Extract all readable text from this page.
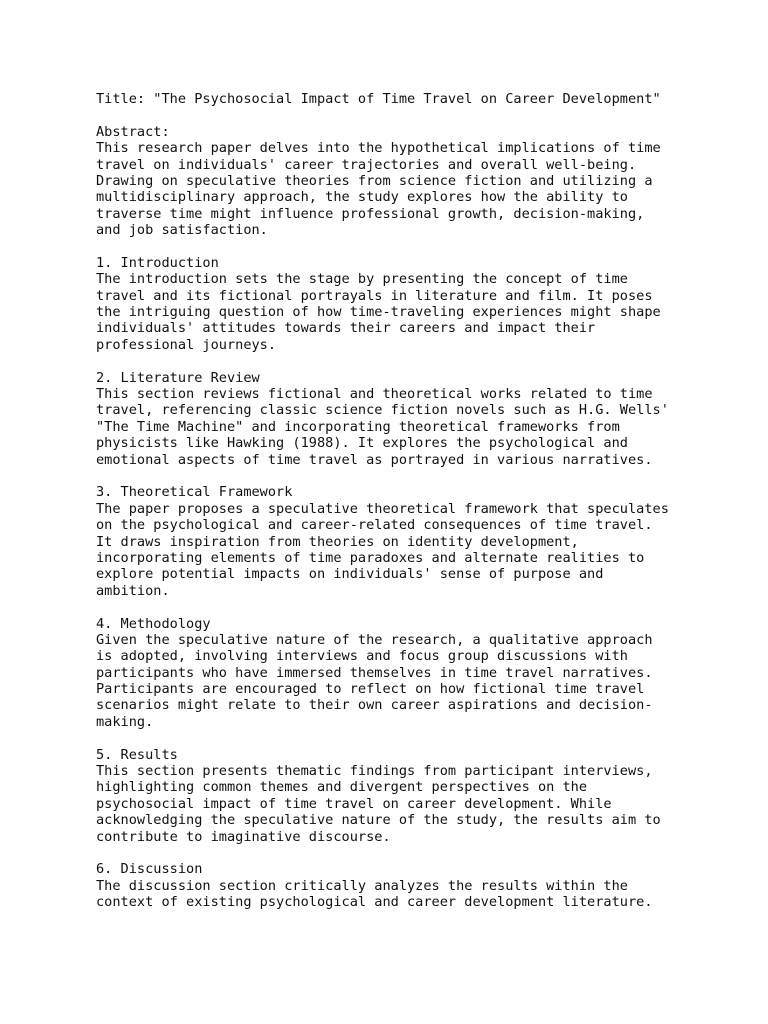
Title: "The Psychosocial Impact of Time Travel on Career Development"
Abstract:
This research paper delves into the hypothetical implications of time
travel on individuals' career trajectories and overall well-being.
Drawing on speculative theories from science fiction and utilizing a
multidisciplinary approach, the study explores how the ability to
traverse time might influence professional growth, decision-making,
and job satisfaction.
1. Introduction
The introduction sets the stage by presenting the concept of time
travel and its fictional portrayals in literature and film. It poses
the intriguing question of how time-traveling experiences might shape
individuals' attitudes towards their careers and impact their
professional journeys.
2. Literature Review
This section reviews fictional and theoretical works related to time
travel, referencing classic science fiction novels such as H.G. Wells'
"The Time Machine" and incorporating theoretical frameworks from
physicists like Hawking (1988). It explores the psychological and
emotional aspects of time travel as portrayed in various narratives.
3. Theoretical Framework
The paper proposes a speculative theoretical framework that speculates
on the psychological and career-related consequences of time travel.
It draws inspiration from theories on identity development,
incorporating elements of time paradoxes and alternate realities to
explore potential impacts on individuals' sense of purpose and
ambition.
4. Methodology
Given the speculative nature of the research, a qualitative approach
is adopted, involving interviews and focus group discussions with
participants who have immersed themselves in time travel narratives.
Participants are encouraged to reflect on how fictional time travel
scenarios might relate to their own career aspirations and decision-
making.
5. Results
This section presents thematic findings from participant interviews,
highlighting common themes and divergent perspectives on the
psychosocial impact of time travel on career development. While
acknowledging the speculative nature of the study, the results aim to
contribute to imaginative discourse.
6. Discussion
The discussion section critically analyzes the results within the
context of existing psychological and career development literature.
